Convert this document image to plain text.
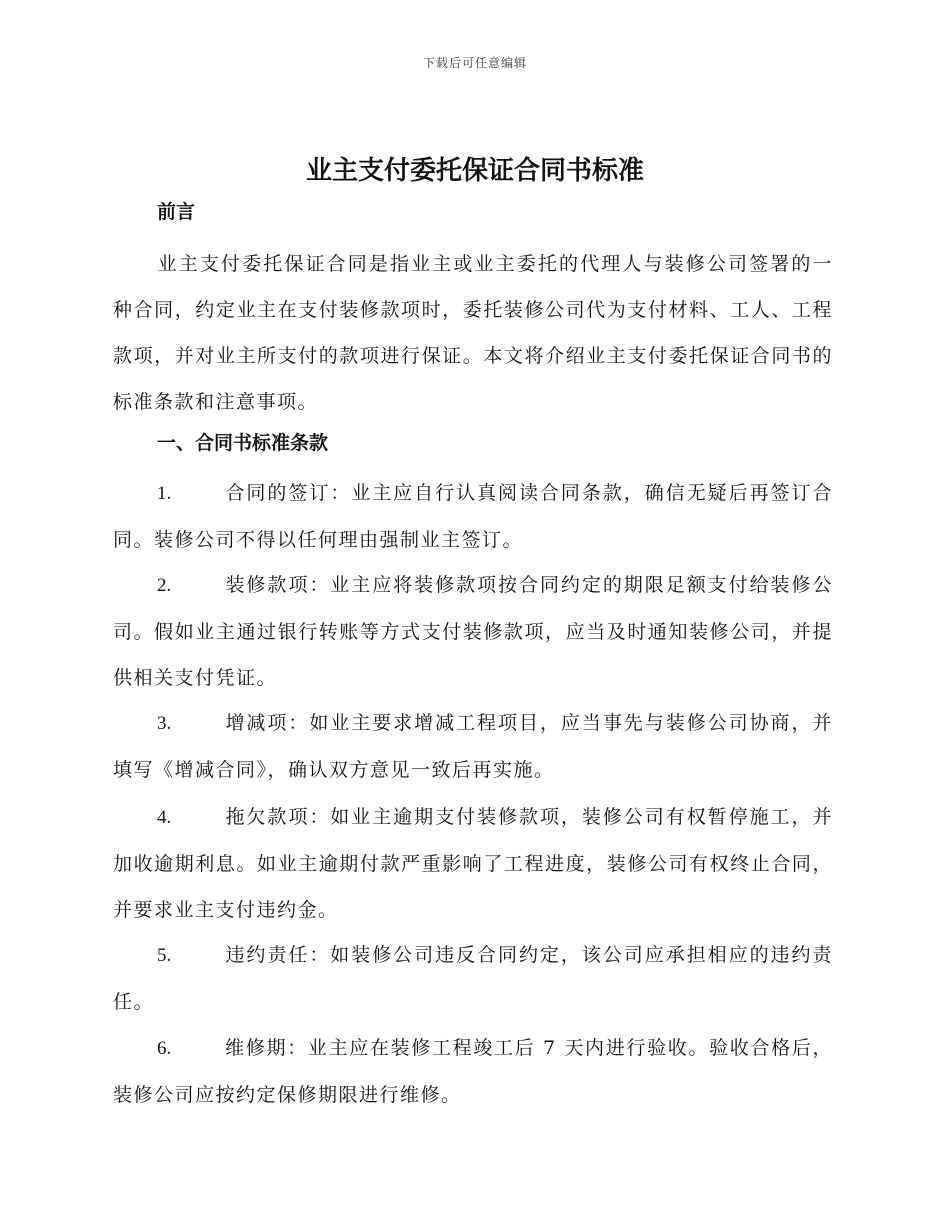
下载后可任意编辑
业主支付委托保证合同书标准
前言

业主支付委托保证合同是指业主或业主委托的代理人与装修公司签署的一种合同，约定业主在支付装修款项时，委托装修公司代为支付材料、工人、工程款项，并对业主所支付的款项进行保证。本文将介绍业主支付委托保证合同书的标准条款和注意事项。

一、合同书标准条款

1.	合同的签订：业主应自行认真阅读合同条款，确信无疑后再签订合同。装修公司不得以任何理由强制业主签订。

2.	装修款项：业主应将装修款项按合同约定的期限足额支付给装修公司。假如业主通过银行转账等方式支付装修款项，应当及时通知装修公司，并提供相关支付凭证。

3.	增减项：如业主要求增减工程项目，应当事先与装修公司协商，并填写《增减合同》，确认双方意见一致后再实施。

4.	拖欠款项：如业主逾期支付装修款项，装修公司有权暂停施工，并加收逾期利息。如业主逾期付款严重影响了工程进度，装修公司有权终止合同，并要求业主支付违约金。

5.	违约责任：如装修公司违反合同约定，该公司应承担相应的违约责任。

6.	维修期：业主应在装修工程竣工后 7 天内进行验收。验收合格后，装修公司应按约定保修期限进行维修。
